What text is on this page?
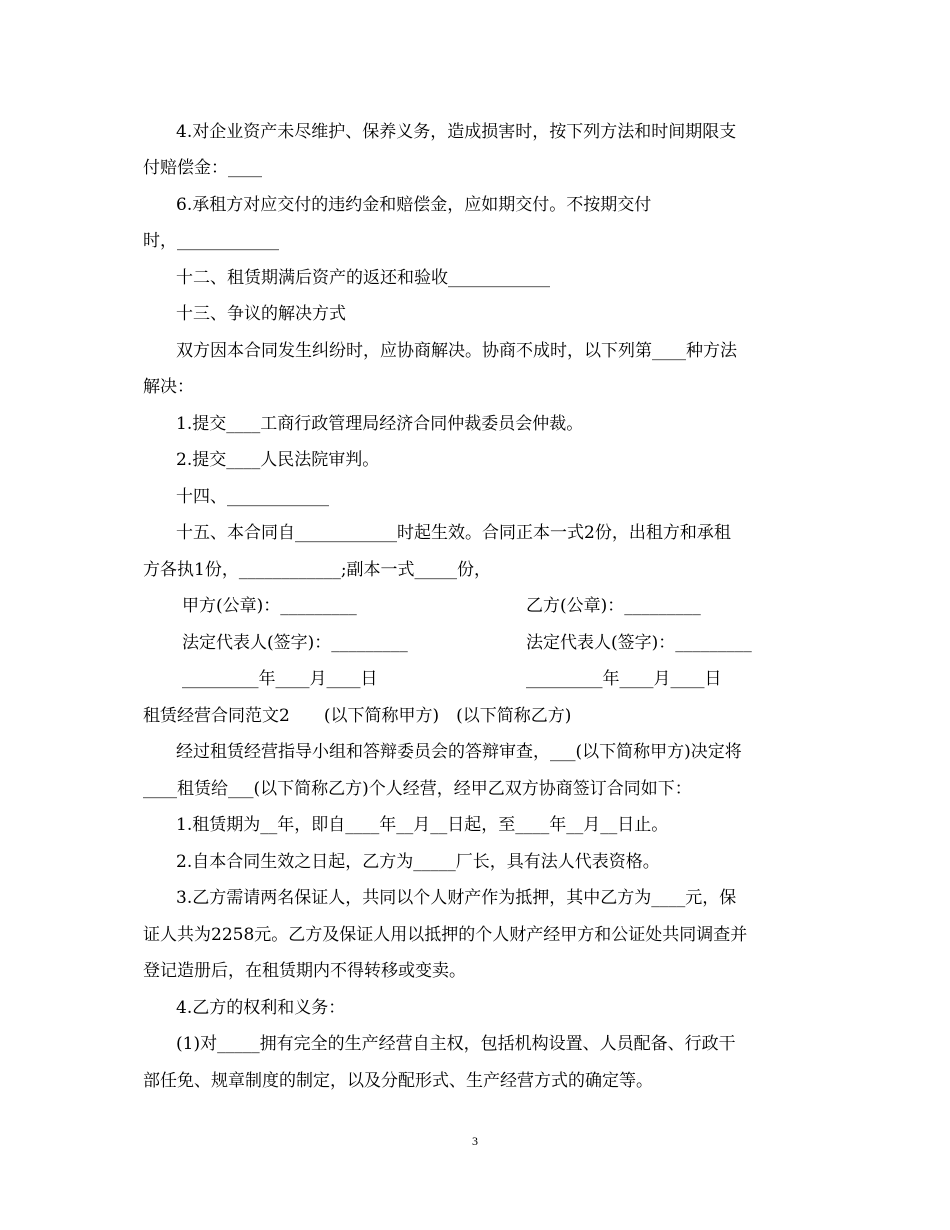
4.对企业资产未尽维护、保养义务，造成损害时，按下列方法和时间期限支
付赔偿金：____
6.承租方对应交付的违约金和赔偿金，应如期交付。不按期交付
时，____________
十二、租赁期满后资产的返还和验收____________
十三、争议的解决方式
双方因本合同发生纠纷时，应协商解决。协商不成时，以下列第____种方法
解决：
1.提交____工商行政管理局经济合同仲裁委员会仲裁。
2.提交____人民法院审判。
十四、____________
十五、本合同自____________时起生效。合同正本一式2份，出租方和承租
方各执1份，____________;副本一式_____份，
甲方(公章)：_________	乙方(公章)：_________
法定代表人(签字)：_________	法定代表人(签字)：_________
_________年____月____日	_________年____月____日
租赁经营合同范文2　　(以下简称甲方)　(以下简称乙方)
经过租赁经营指导小组和答辩委员会的答辩审查，___(以下简称甲方)决定将
____租赁给___(以下简称乙方)个人经营，经甲乙双方协商签订合同如下：
1.租赁期为__年，即自____年__月__日起，至____年__月__日止。
2.自本合同生效之日起，乙方为_____厂长，具有法人代表资格。
3.乙方需请两名保证人，共同以个人财产作为抵押，其中乙方为____元，保
证人共为2258元。乙方及保证人用以抵押的个人财产经甲方和公证处共同调查并
登记造册后，在租赁期内不得转移或变卖。
4.乙方的权利和义务：
(1)对_____拥有完全的生产经营自主权，包括机构设置、人员配备、行政干
部任免、规章制度的制定，以及分配形式、生产经营方式的确定等。
3
